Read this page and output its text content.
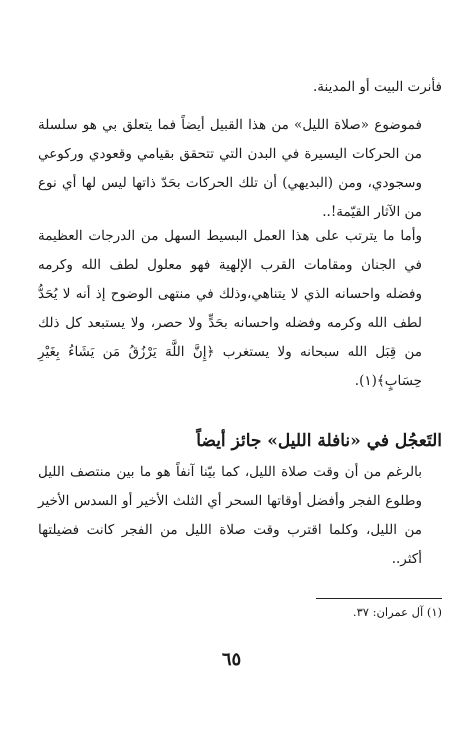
فأنرت البيت أو المدينة.
فموضوع «صلاة الليل» من هذا القبيل أيضاً فما يتعلق بي هو سلسلة من الحركات اليسيرة في البدن التي تتحقق بقيامي وقعودي وركوعي وسجودي، ومن (البديهي) أن تلك الحركات بحَدّ ذاتها ليس لها أي نوع من الآثار القيّمة!..
وأما ما يترتب على هذا العمل البسيط السهل من الدرجات العظيمة في الجنان ومقامات القرب الإلهية فهو معلول لطف الله وكرمه وفضله واحسانه الذي لا يتناهي،وذلك في منتهى الوضوح إذ أنه لا يُحَدُّ لطف الله وكرمه وفضله واحسانه بحَدٍّ ولا حصر، ولا يستبعد كل ذلك من قِبَل الله سبحانه ولا يستغرب ﴿إِنَّ اللَّهَ يَرْزُقُ مَن يَشَاءُ بِغَيْرِ حِسَابٍ﴾(١).
التَعجُل في «نافلة الليل» جائز أيضاً
بالرغم من أن وقت صلاة الليل، كما بيّنا آنفاً هو ما بين منتصف الليل وطلوع الفجر وأفضل أوقاتها السحر أي الثلث الأخير أو السدس الأخير من الليل، وكلما اقترب وقت صلاة الليل من الفجر كانت فضيلتها أكثر..
(١) آل عمران: ٣٧.
٦٥
